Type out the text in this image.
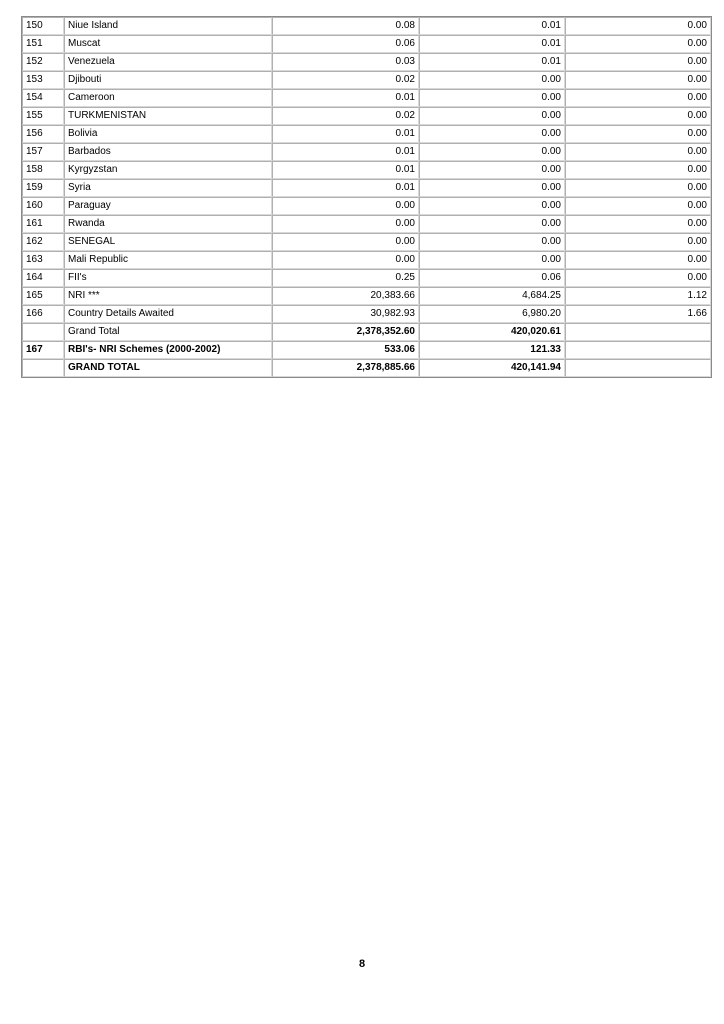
150	Niue Island	0.08	0.01	0.00
151	Muscat	0.06	0.01	0.00
152	Venezuela	0.03	0.01	0.00
153	Djibouti	0.02	0.00	0.00
154	Cameroon	0.01	0.00	0.00
155	TURKMENISTAN	0.02	0.00	0.00
156	Bolivia	0.01	0.00	0.00
157	Barbados	0.01	0.00	0.00
158	Kyrgyzstan	0.01	0.00	0.00
159	Syria	0.01	0.00	0.00
160	Paraguay	0.00	0.00	0.00
161	Rwanda	0.00	0.00	0.00
162	SENEGAL	0.00	0.00	0.00
163	Mali Republic	0.00	0.00	0.00
164	FII's	0.25	0.06	0.00
165	NRI ***	20,383.66	4,684.25	1.12
166	Country Details Awaited	30,982.93	6,980.20	1.66
	Grand Total	2,378,352.60	420,020.61	
167	RBI's- NRI Schemes (2000-2002)	533.06	121.33	
	GRAND TOTAL	2,378,885.66	420,141.94	
8
